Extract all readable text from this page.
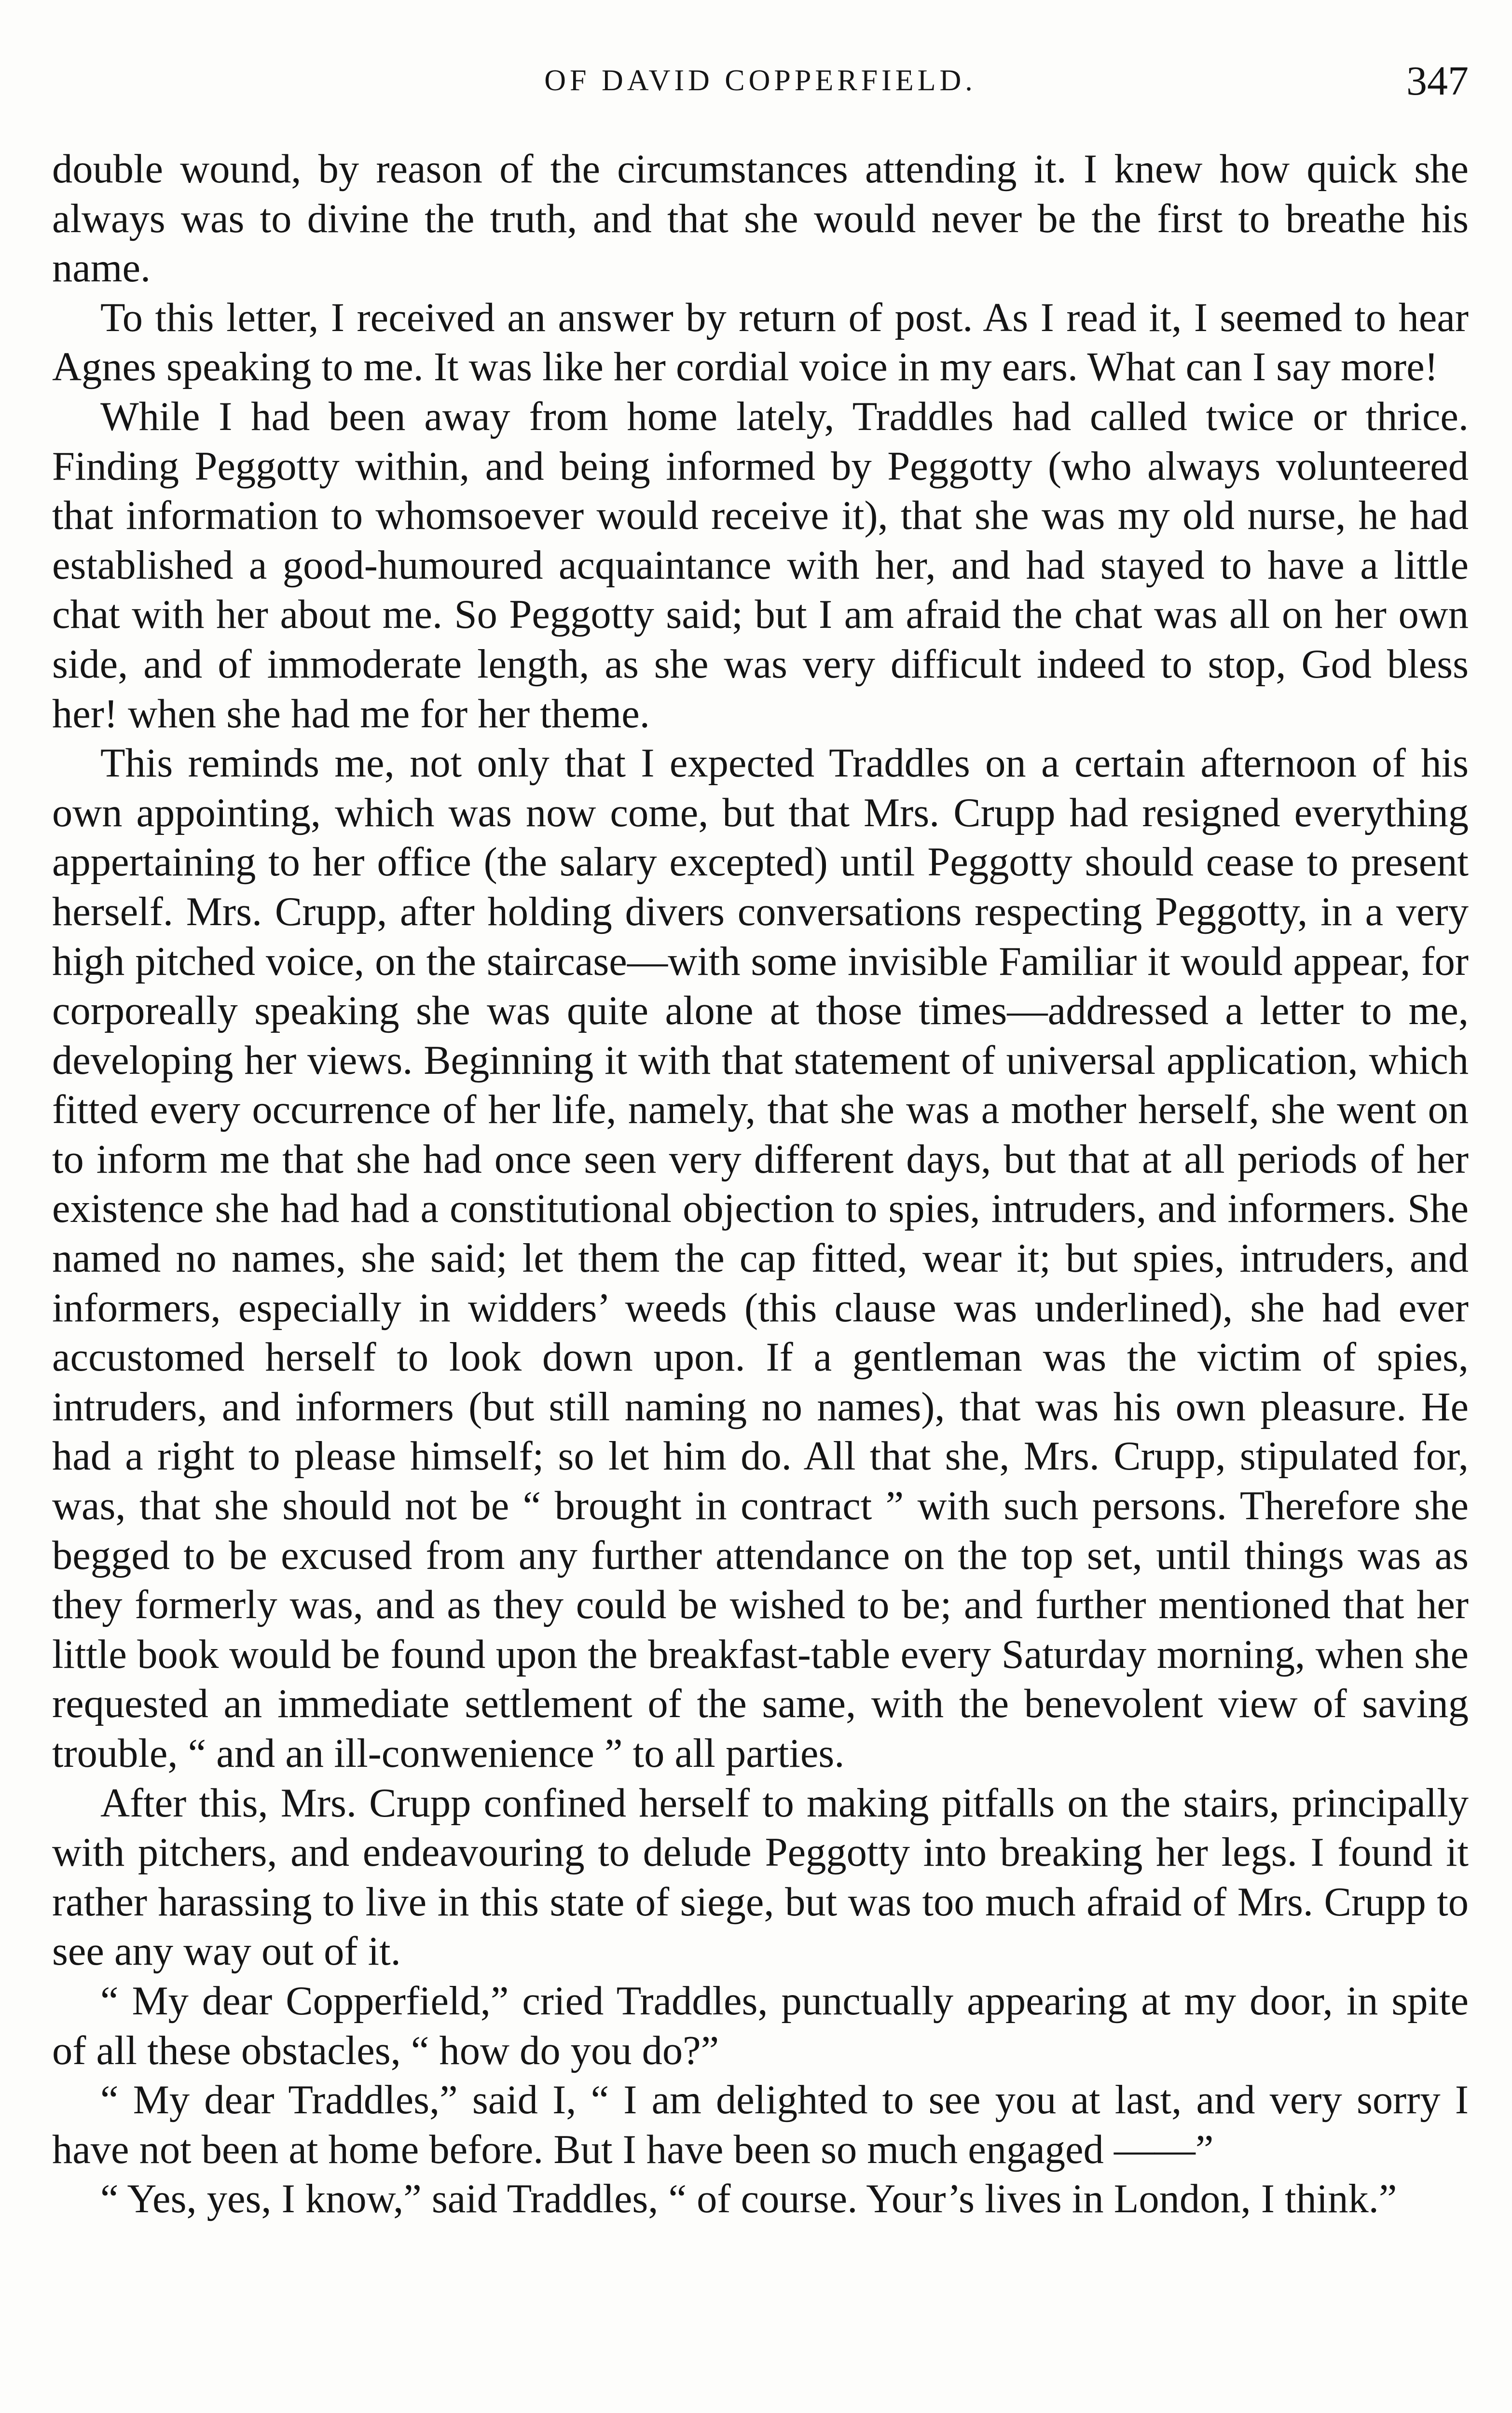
OF DAVID COPPERFIELD.	347

double wound, by reason of the circumstances attending it. I knew how quick she always was to divine the truth, and that she would never be the first to breathe his name.

To this letter, I received an answer by return of post. As I read it, I seemed to hear Agnes speaking to me. It was like her cordial voice in my ears. What can I say more!

While I had been away from home lately, Traddles had called twice or thrice. Finding Peggotty within, and being informed by Peggotty (who always volunteered that information to whomsoever would receive it), that she was my old nurse, he had established a good-humoured acquaintance with her, and had stayed to have a little chat with her about me. So Peggotty said; but I am afraid the chat was all on her own side, and of immoderate length, as she was very difficult indeed to stop, God bless her! when she had me for her theme.

This reminds me, not only that I expected Traddles on a certain afternoon of his own appointing, which was now come, but that Mrs. Crupp had resigned everything appertaining to her office (the salary excepted) until Peggotty should cease to present herself. Mrs. Crupp, after holding divers conversations respecting Peggotty, in a very high pitched voice, on the staircase—with some invisible Familiar it would appear, for corporeally speaking she was quite alone at those times—addressed a letter to me, developing her views. Beginning it with that statement of universal application, which fitted every occurrence of her life, namely, that she was a mother herself, she went on to inform me that she had once seen very different days, but that at all periods of her existence she had had a constitutional objection to spies, intruders, and informers. She named no names, she said; let them the cap fitted, wear it; but spies, intruders, and informers, especially in widders’ weeds (this clause was underlined), she had ever accustomed herself to look down upon. If a gentleman was the victim of spies, intruders, and informers (but still naming no names), that was his own pleasure. He had a right to please himself; so let him do. All that she, Mrs. Crupp, stipulated for, was, that she should not be “ brought in contract ” with such persons. Therefore she begged to be excused from any further attendance on the top set, until things was as they formerly was, and as they could be wished to be; and further mentioned that her little book would be found upon the breakfast-table every Saturday morning, when she requested an immediate settlement of the same, with the benevolent view of saving trouble, “ and an ill-conwenience ” to all parties.

After this, Mrs. Crupp confined herself to making pitfalls on the stairs, principally with pitchers, and endeavouring to delude Peggotty into breaking her legs. I found it rather harassing to live in this state of siege, but was too much afraid of Mrs. Crupp to see any way out of it.

“ My dear Copperfield,” cried Traddles, punctually appearing at my door, in spite of all these obstacles, “ how do you do?”

“ My dear Traddles,” said I, “ I am delighted to see you at last, and very sorry I have not been at home before. But I have been so much engaged ——”

“ Yes, yes, I know,” said Traddles, “ of course. Your’s lives in London, I think.”
